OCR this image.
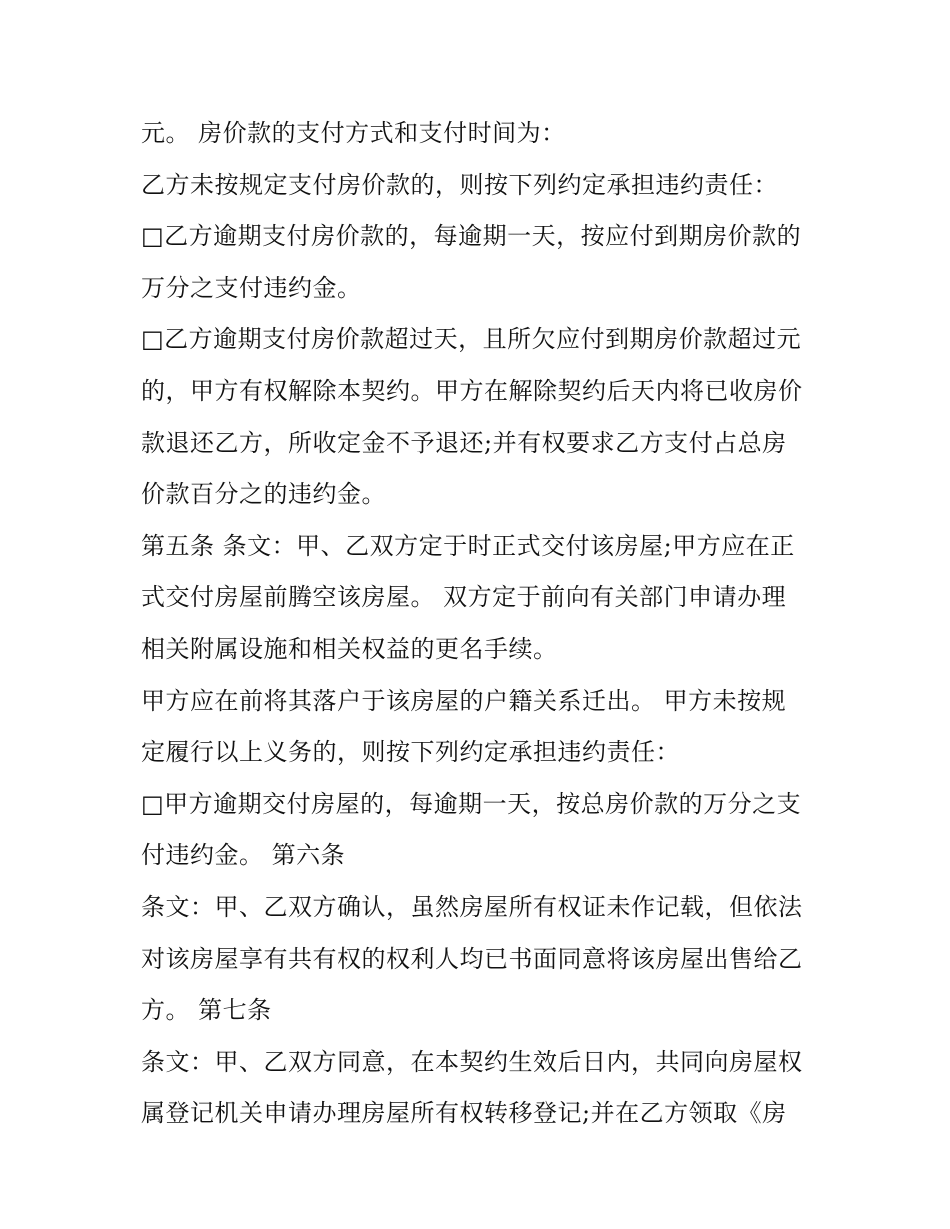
元。 房价款的支付方式和支付时间为：
乙方未按规定支付房价款的，则按下列约定承担违约责任：
□乙方逾期支付房价款的，每逾期一天，按应付到期房价款的
万分之支付违约金。
□乙方逾期支付房价款超过天，且所欠应付到期房价款超过元
的，甲方有权解除本契约。甲方在解除契约后天内将已收房价
款退还乙方，所收定金不予退还;并有权要求乙方支付占总房
价款百分之的违约金。
第五条 条文：甲、乙双方定于时正式交付该房屋;甲方应在正
式交付房屋前腾空该房屋。 双方定于前向有关部门申请办理
相关附属设施和相关权益的更名手续。
甲方应在前将其落户于该房屋的户籍关系迁出。 甲方未按规
定履行以上义务的，则按下列约定承担违约责任：
□甲方逾期交付房屋的，每逾期一天，按总房价款的万分之支
付违约金。 第六条
条文：甲、乙双方确认，虽然房屋所有权证未作记载，但依法
对该房屋享有共有权的权利人均已书面同意将该房屋出售给乙
方。 第七条
条文：甲、乙双方同意，在本契约生效后日内，共同向房屋权
属登记机关申请办理房屋所有权转移登记;并在乙方领取《房
